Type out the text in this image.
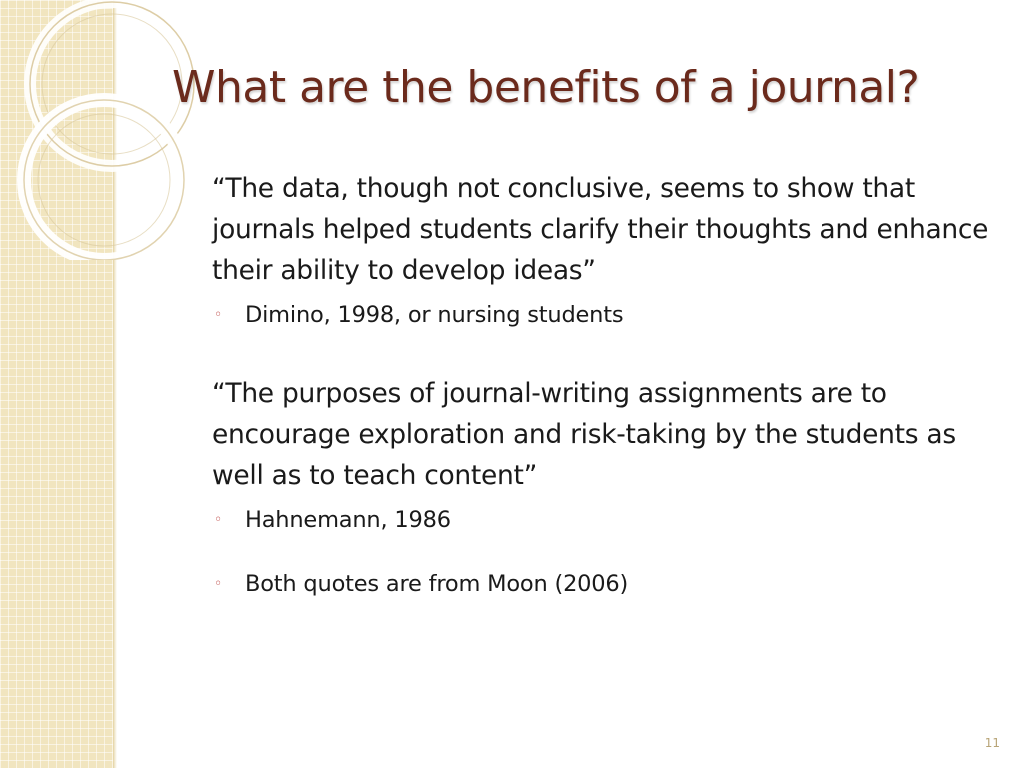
What are the benefits of a journal?

“The data, though not conclusive, seems to show that journals helped students clarify their thoughts and enhance their ability to develop ideas”

◦	Dimino, 1998, or nursing students

“The purposes of journal-writing assignments are to encourage exploration and risk-taking by the students as well as to teach content”

◦	Hahnemann, 1986

◦	Both quotes are from Moon (2006)

11
